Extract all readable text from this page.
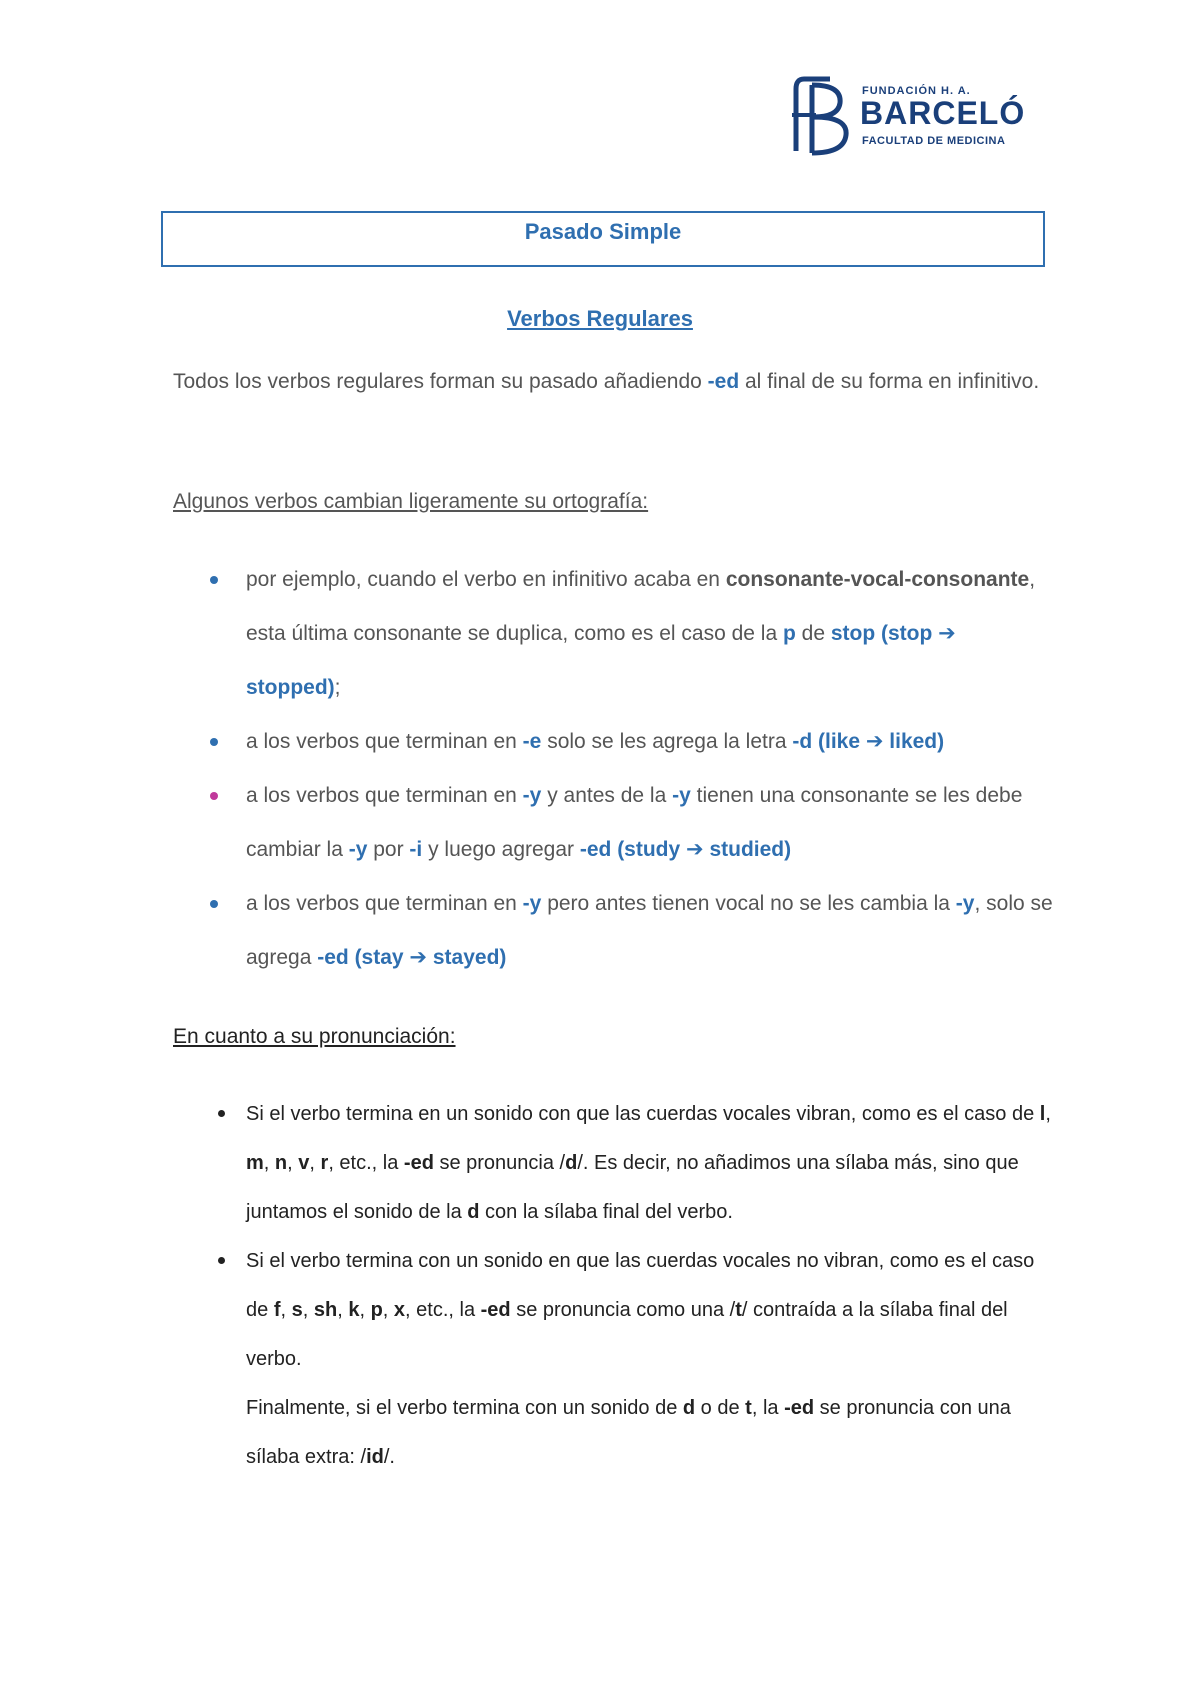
FUNDACIÓN H. A.
BARCELÓ
FACULTAD DE MEDICINA
Pasado Simple
Verbos Regulares
Todos los verbos regulares forman su pasado añadiendo -ed al final de su forma en infinitivo.
Algunos verbos cambian ligeramente su ortografía:
por ejemplo, cuando el verbo en infinitivo acaba en consonante-vocal-consonante, esta última consonante se duplica, como es el caso de la p de stop (stop ➔ stopped);
a los verbos que terminan en -e solo se les agrega la letra -d (like ➔ liked)
a los verbos que terminan en -y y antes de la -y tienen una consonante se les debe cambiar la -y por -i y luego agregar -ed (study ➔ studied)
a los verbos que terminan en -y pero antes tienen vocal no se les cambia la -y, solo se agrega -ed (stay ➔ stayed)
En cuanto a su pronunciación:
Si el verbo termina en un sonido con que las cuerdas vocales vibran, como es el caso de l, m, n, v, r, etc., la -ed se pronuncia /d/. Es decir, no añadimos una sílaba más, sino que juntamos el sonido de la d con la sílaba final del verbo.
Si el verbo termina con un sonido en que las cuerdas vocales no vibran, como es el caso de f, s, sh, k, p, x, etc., la -ed se pronuncia como una /t/ contraída a la sílaba final del verbo.
Finalmente, si el verbo termina con un sonido de d o de t, la -ed se pronuncia con una sílaba extra: /id/.
